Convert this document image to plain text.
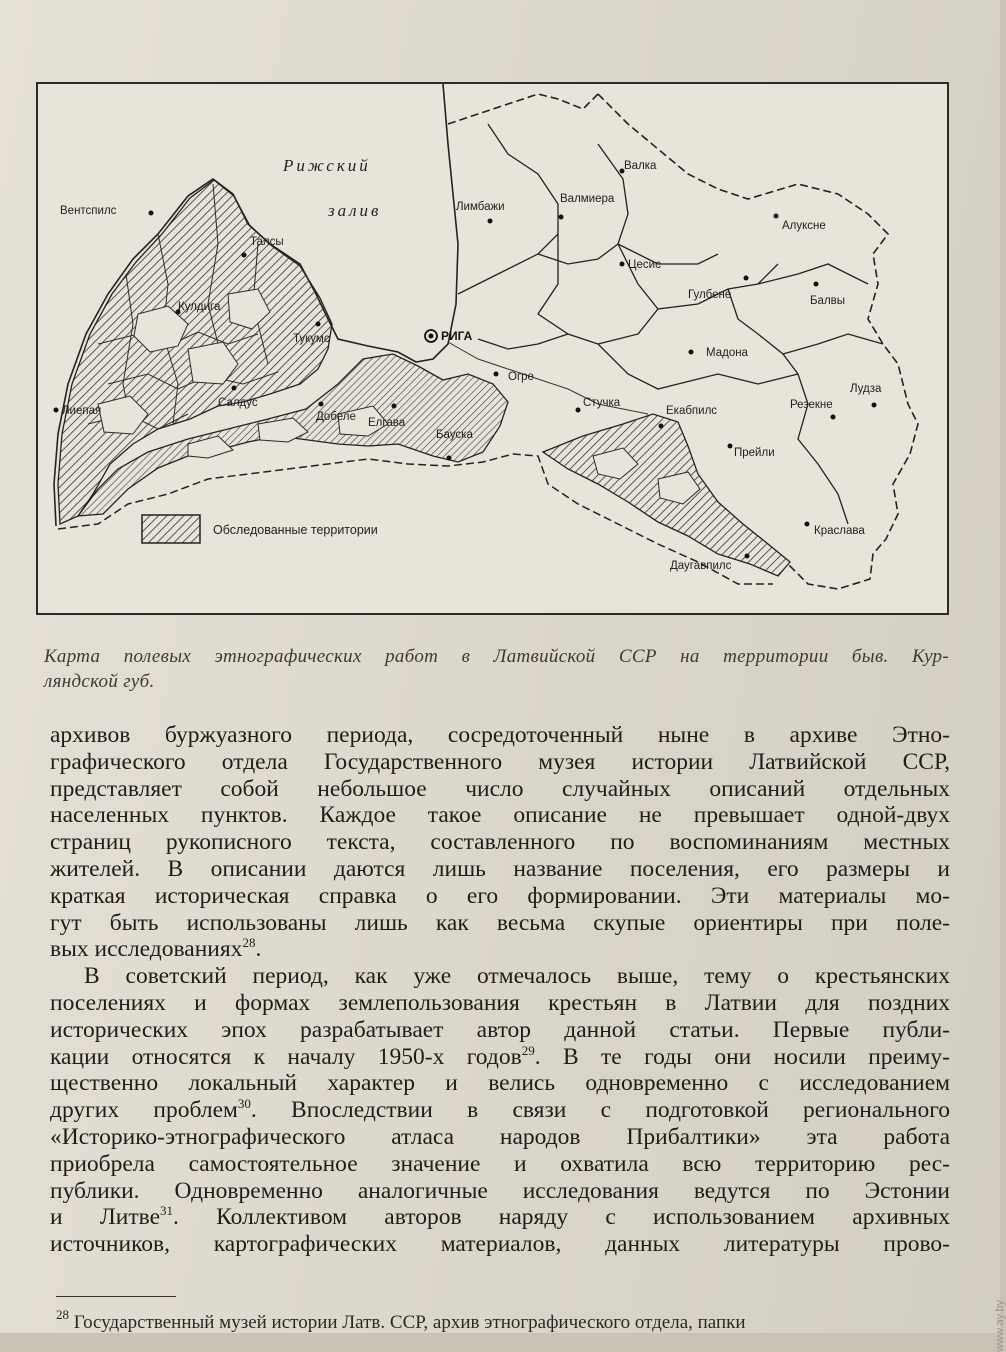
Обследованные территории
Рижский
залив
РИГА
Вентспилс
Талсы
Кулдига
Тукумс
Салдус
Лиепая	Добеле Елгава
Бауска
Огре
Стучка
Екабпилс
Лимбажи
Валмиера
Валка
Цесис
Алуксне
Гулбене	Балвы
Мадона
Лудза
Резекне
Прейли
Краслава
Даугавпилс
Карта полевых этнографических работ в Латвийской ССР на территории быв. Кур-
ляндской губ.
архивов буржуазного периода, сосредоточенный ныне в архиве Этно-
графического отдела Государственного музея истории Латвийской ССР,
представляет собой небольшое число случайных описаний отдельных
населенных пунктов. Каждое такое описание не превышает одной-двух
страниц рукописного текста, составленного по воспоминаниям местных
жителей. В описании даются лишь название поселения, его размеры и
краткая историческая справка о его формировании. Эти материалы мо-
гут быть использованы лишь как весьма скупые ориентиры при поле-
вых исследованиях$^{28}$.
В советский период, как уже отмечалось выше, тему о крестьянских
поселениях и формах землепользования крестьян в Латвии для поздних
исторических эпох разрабатывает автор данной статьи. Первые публи-
кации относятся к началу 1950-х годов$^{29}$. В те годы они носили преиму-
щественно локальный характер и велись одновременно с исследованием
других проблем$^{30}$. Впоследствии в связи с подготовкой регионального
«Историко-этнографического атласа народов Прибалтики» эта работа
приобрела самостоятельное значение и охватила всю территорию рес-
публики. Одновременно аналогичные исследования ведутся по Эстонии
и Литве$^{31}$. Коллективом авторов наряду с использованием архивных
источников, картографических материалов, данных литературы прово-

$^{28}$ Государственный музей истории Латв. ССР, архив этнографического отдела, папки	www.ay.by
